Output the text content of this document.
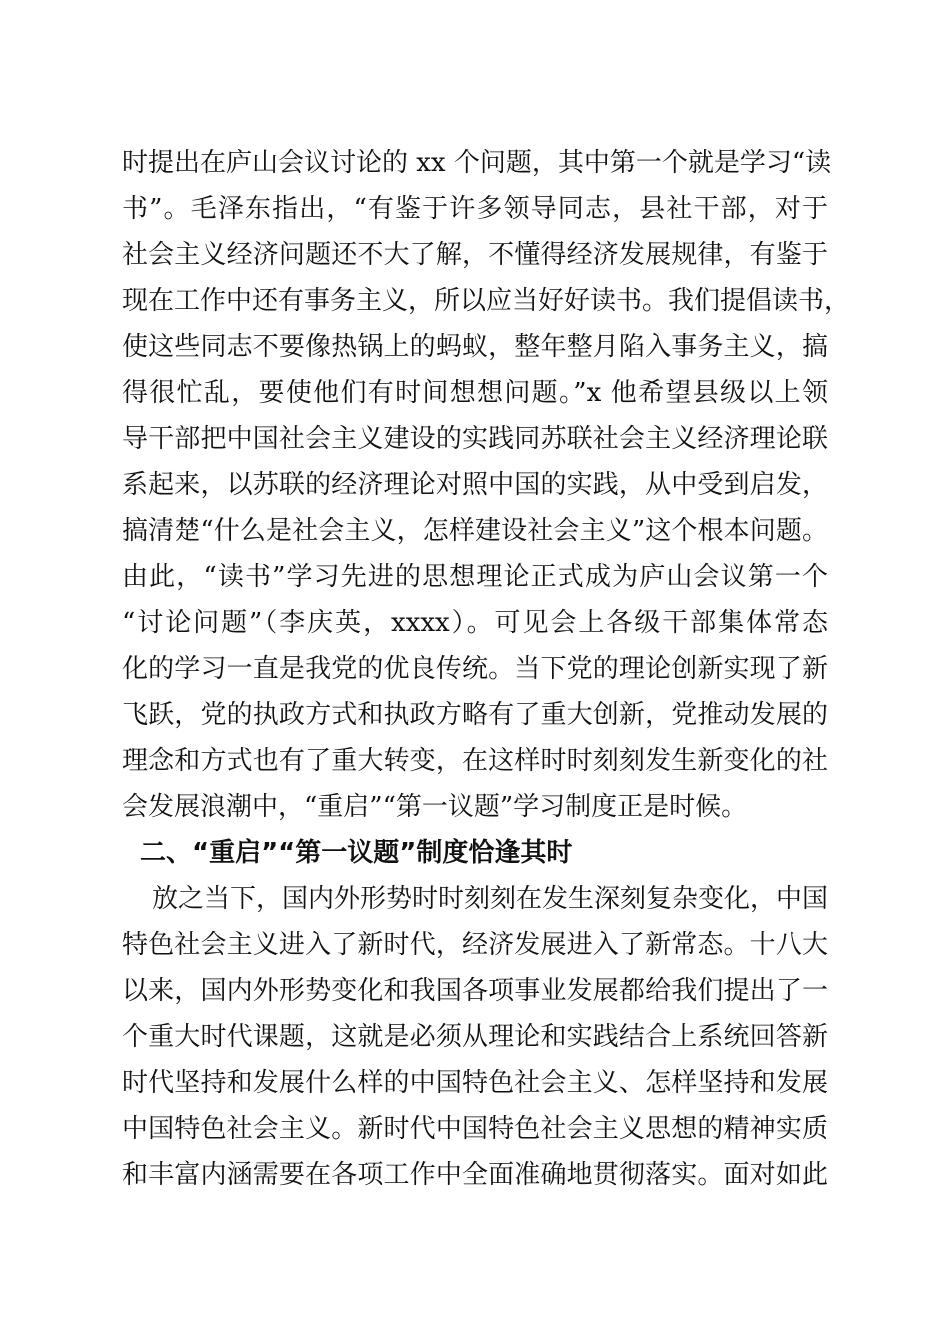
时提出在庐山会议讨论的 xx 个问题，其中第一个就是学习“读
书”。毛泽东指出，“有鉴于许多领导同志，县社干部，对于
社会主义经济问题还不大了解，不懂得经济发展规律，有鉴于
现在工作中还有事务主义，所以应当好好读书。我们提倡读书，
使这些同志不要像热锅上的蚂蚁，整年整月陷入事务主义，搞
得很忙乱，要使他们有时间想想问题。”x 他希望县级以上领
导干部把中国社会主义建设的实践同苏联社会主义经济理论联
系起来，以苏联的经济理论对照中国的实践，从中受到启发，
搞清楚“什么是社会主义，怎样建设社会主义”这个根本问题。
由此，“读书”学习先进的思想理论正式成为庐山会议第一个
“讨论问题”（李庆英，xxxx）。可见会上各级干部集体常态
化的学习一直是我党的优良传统。当下党的理论创新实现了新
飞跃，党的执政方式和执政方略有了重大创新，党推动发展的
理念和方式也有了重大转变，在这样时时刻刻发生新变化的社
会发展浪潮中，“重启”“第一议题”学习制度正是时候。
二、“重启”“第一议题”制度恰逢其时
放之当下，国内外形势时时刻刻在发生深刻复杂变化，中国
特色社会主义进入了新时代，经济发展进入了新常态。十八大
以来，国内外形势变化和我国各项事业发展都给我们提出了一
个重大时代课题，这就是必须从理论和实践结合上系统回答新
时代坚持和发展什么样的中国特色社会主义、怎样坚持和发展
中国特色社会主义。新时代中国特色社会主义思想的精神实质
和丰富内涵需要在各项工作中全面准确地贯彻落实。面对如此
